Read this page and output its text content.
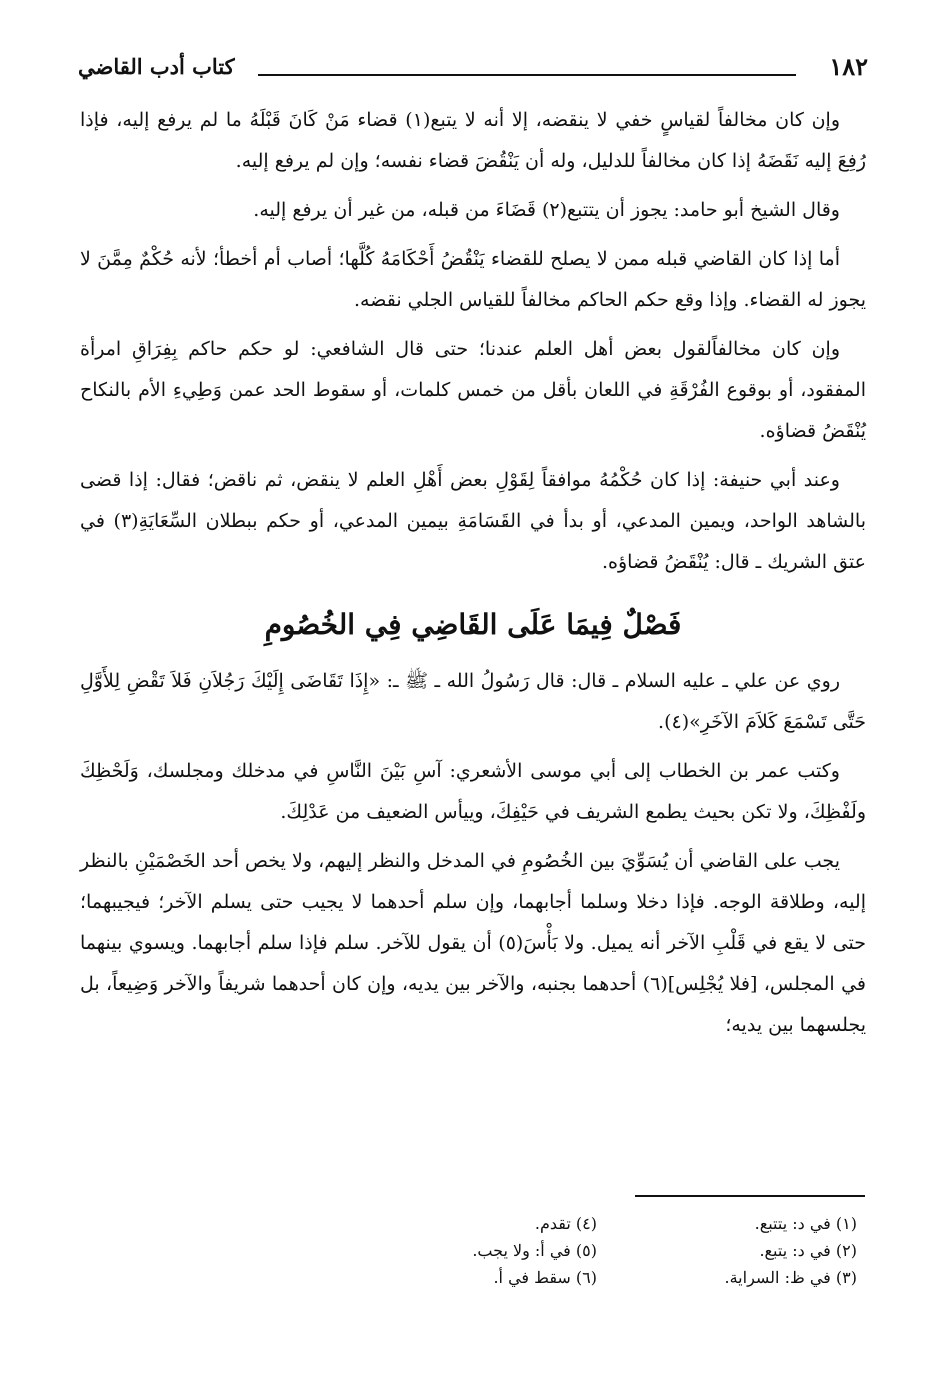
١٨٢
كتاب أدب القاضي

وإن كان مخالفاً لقياسٍ خفي لا ينقضه، إلا أنه لا يتبع(١) قضاء مَنْ كَانَ قَبْلَهُ ما لم يرفع إليه، فإذا رُفِعَ إليه نَقَضَهُ إذا كان مخالفاً للدليل، وله أن يَنْقُضَ قضاء نفسه؛ وإن لم يرفع إليه.

وقال الشيخ أبو حامد: يجوز أن يتتبع(٢) قَضَاءَ من قبله، من غير أن يرفع إليه.

أما إذا كان القاضي قبله ممن لا يصلح للقضاء يَنْقُضُ أَحْكَامَهُ كُلَّها؛ أصاب أم أخطأ؛ لأنه حُكْمٌ مِمَّنَ لا يجوز له القضاء. وإذا وقع حكم الحاكم مخالفاً للقياس الجلي نقضه.

وإن كان مخالفاًلقول بعض أهل العلم عندنا؛ حتى قال الشافعي: لو حكم حاكم بِفِرَاقِ امرأة المفقود، أو بوقوع الفُرْقَةِ في اللعان بأقل من خمس كلمات، أو سقوط الحد عمن وَطِيءِ الأم بالنكاح يُنْقَضُ قضاؤه.

وعند أبي حنيفة: إذا كان حُكْمُهُ موافقاً لِقَوْلِ بعض أَهْلِ العلم لا ينقض، ثم ناقض؛ فقال: إذا قضى بالشاهد الواحد، ويمين المدعي، أو بدأ في القَسَامَةِ بيمين المدعي، أو حكم ببطلان السِّعَايَةِ(٣) في عتق الشريك ـ قال: يُنْقَضُ قضاؤه.

فَصْلٌ فِيمَا عَلَى القَاضِي فِي الخُصُومِ

روي عن علي ـ عليه السلام ـ قال: قال رَسُولُ الله ـ ﷺ ـ: «إِذَا تَقَاضَى إِلَيْكَ رَجُلاَنِ فَلاَ تَقْضِ لِلأَوَّلِ حَتَّى تَسْمَعَ كَلاَمَ الآخَرِ»(٤).

وكتب عمر بن الخطاب إلى أبي موسى الأشعري: آسِ بَيْنَ النَّاسِ في مدخلك ومجلسك، وَلَحْظِكَ ولَفْظِكَ، ولا تكن بحيث يطمع الشريف في حَيْفِكَ، وييأس الضعيف من عَدْلِكَ.

يجب على القاضي أن يُسَوِّيَ بين الخُصُومِ في المدخل والنظر إليهم، ولا يخص أحد الخَصْمَيْنِ بالنظر إليه، وطلاقة الوجه. فإذا دخلا وسلما أجابهما، وإن سلم أحدهما لا يجيب حتى يسلم الآخر؛ فيجيبهما؛ حتى لا يقع في قَلْبِ الآخر أنه يميل. ولا بَأْسَ(٥) أن يقول للآخر. سلم فإذا سلم أجابهما. ويسوي بينهما في المجلس، [فلا يُجْلِس](٦) أحدهما بجنبه، والآخر بين يديه، وإن كان أحدهما شريفاً والآخر وَضِيعاً، بل يجلسهما بين يديه؛

(١) في د: يتتبع.
(٢) في د: يتبع.
(٣) في ظ: السراية.
(٤) تقدم.
(٥) في أ: ولا يجب.
(٦) سقط في أ.
